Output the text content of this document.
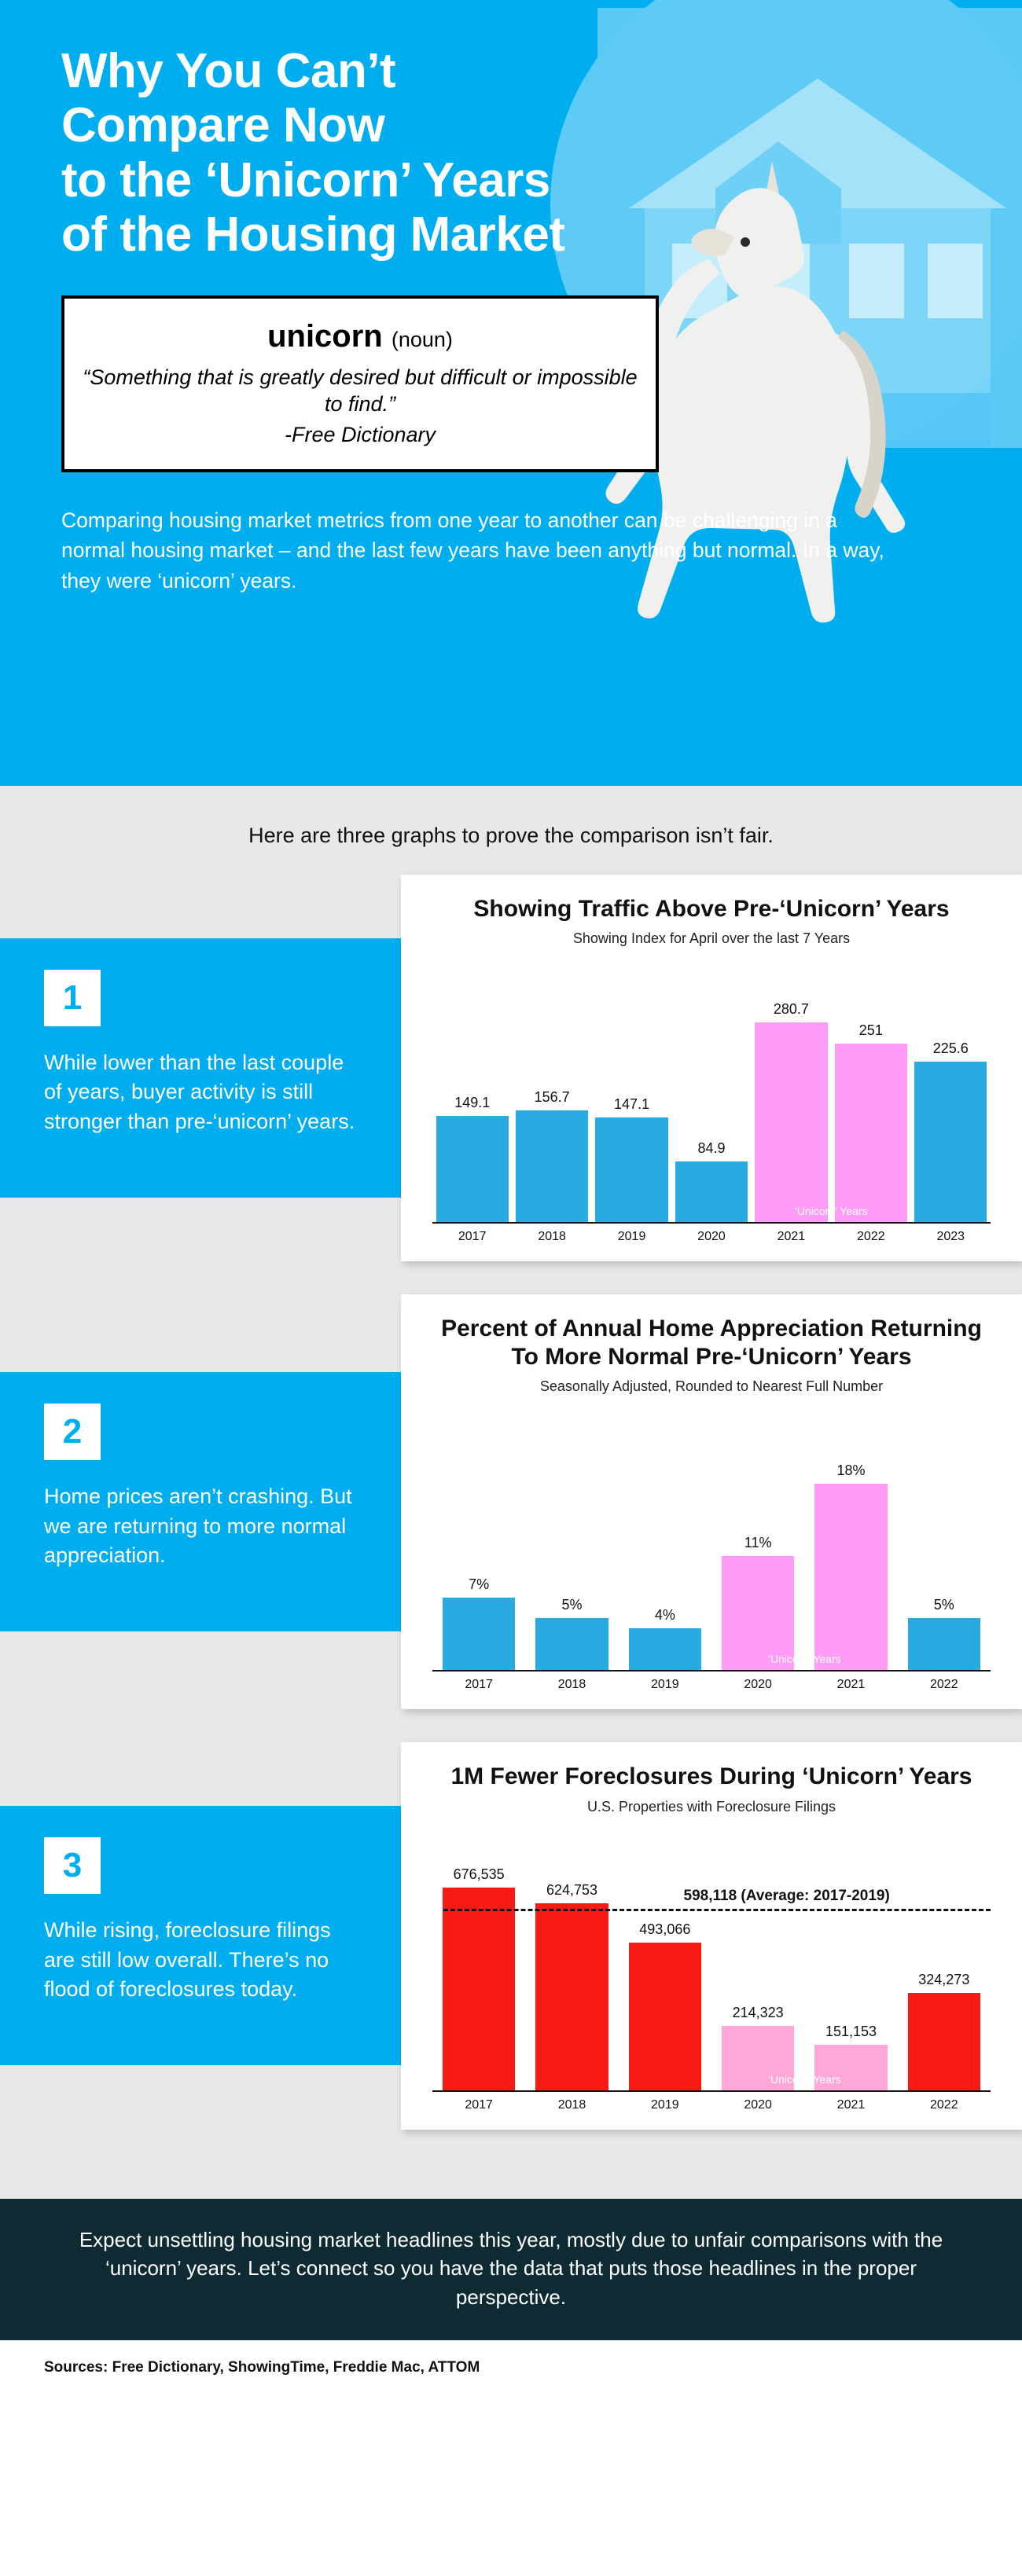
Why You Can’t
Compare Now
to the ‘Unicorn’ Years
of the Housing Market
unicorn (noun)
“Something that is greatly desired but difficult or impossible to find.”
-Free Dictionary

Comparing housing market metrics from one year to another can be challenging in a normal housing market – and the last few years have been anything but normal. In a way, they were ‘unicorn’ years.

Here are three graphs to prove the comparison isn’t fair.
1
While lower than the last couple of years, buyer activity is still stronger than pre-‘unicorn’ years.
Showing Traffic Above Pre-‘Unicorn’ Years
Showing Index for April over the last 7 Years
149.1	156.7	147.1
84.9
280.7
251
225.6
‘Unicorn’ Years
2017	2018	2019	2020	2021	2022	2023
2
Home prices aren’t crashing. But we are returning to more normal appreciation.
Percent of Annual Home Appreciation Returning To More Normal Pre-‘Unicorn’ Years
Seasonally Adjusted, Rounded to Nearest Full Number
7%
5%
4%
11%
18%
5%
‘Unicorn’ Years
2017	2018	2019	2020	2021	2022
3
While rising, foreclosure filings are still low overall. There’s no flood of foreclosures today.
1M Fewer Foreclosures During ‘Unicorn’ Years
U.S. Properties with Foreclosure Filings
676,535
624,753
493,066
214,323
151,153
324,273
‘Unicorn’ Years
598,118 (Average: 2017-2019)
2017	2018	2019	2020	2021	2022
Expect unsettling housing market headlines this year, mostly due to unfair comparisons with the ‘unicorn’ years. Let’s connect so you have the data that puts those headlines in the proper perspective.
Sources: Free Dictionary, ShowingTime, Freddie Mac, ATTOM
